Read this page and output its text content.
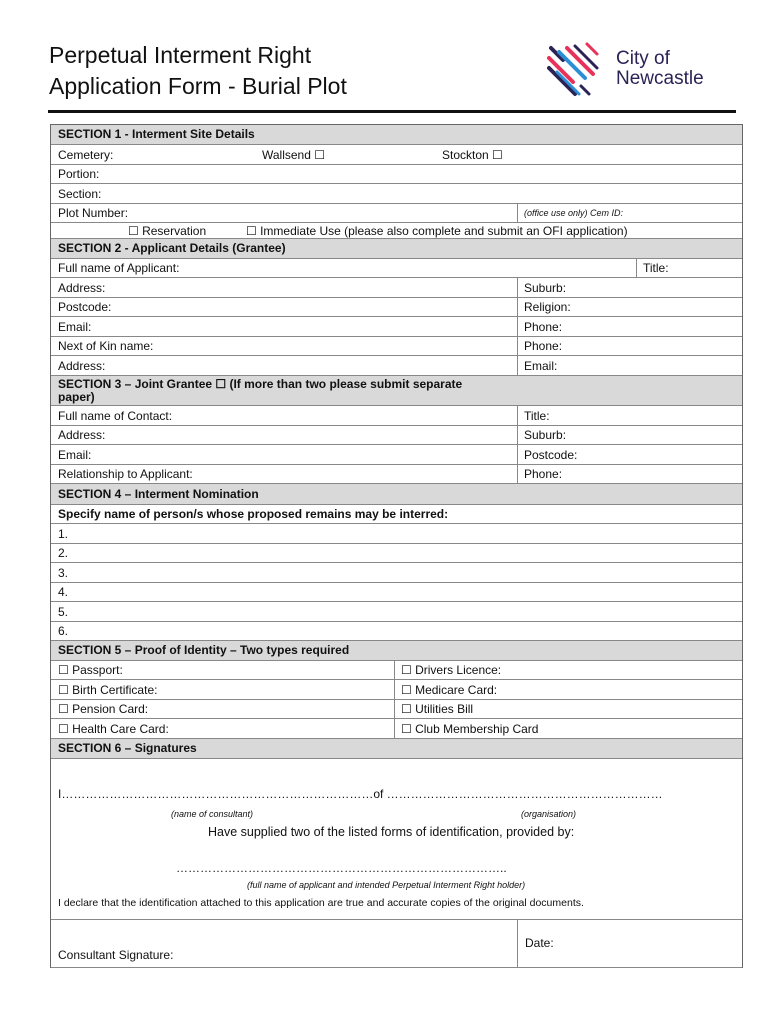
Perpetual Interment Right
Application Form - Burial Plot
City of
Newcastle
SECTION 1 - Interment Site Details
Cemetery:	Wallsend ☐	Stockton ☐
Portion:
Section:
Plot Number:	(office use only) Cem ID:
☐ Reservation	☐ Immediate Use (please also complete and submit an OFI application)
SECTION 2 - Applicant Details (Grantee)
Full name of Applicant:	Title:
Address:	Suburb:
Postcode:	Religion:
Email:	Phone:
Next of Kin name:	Phone:
Address:	Email:
SECTION 3 – Joint Grantee ☐ (If more than two please submit separate
paper)
Full name of Contact:	Title:
Address:	Suburb:
Email:	Postcode:
Relationship to Applicant:	Phone:
SECTION 4 – Interment Nomination
Specify name of person/s whose proposed remains may be interred:
1.
2.
3.
4.
5.
6.
SECTION 5 – Proof of Identity – Two types required
☐ Passport:	☐ Drivers Licence:
☐ Birth Certificate:	☐ Medicare Card:
☐ Pension Card:	☐ Utilities Bill
☐ Health Care Card:	☐ Club Membership Card
SECTION 6 – Signatures
I……………………………………………………………………of ……………………………………………………………
(name of consultant)	(organisation)
Have supplied two of the listed forms of identification, provided by:
………………………………………………………………………..
(full name of applicant and intended Perpetual Interment Right holder)
I declare that the identification attached to this application are true and accurate copies of the original documents.
Consultant Signature:
Date:
